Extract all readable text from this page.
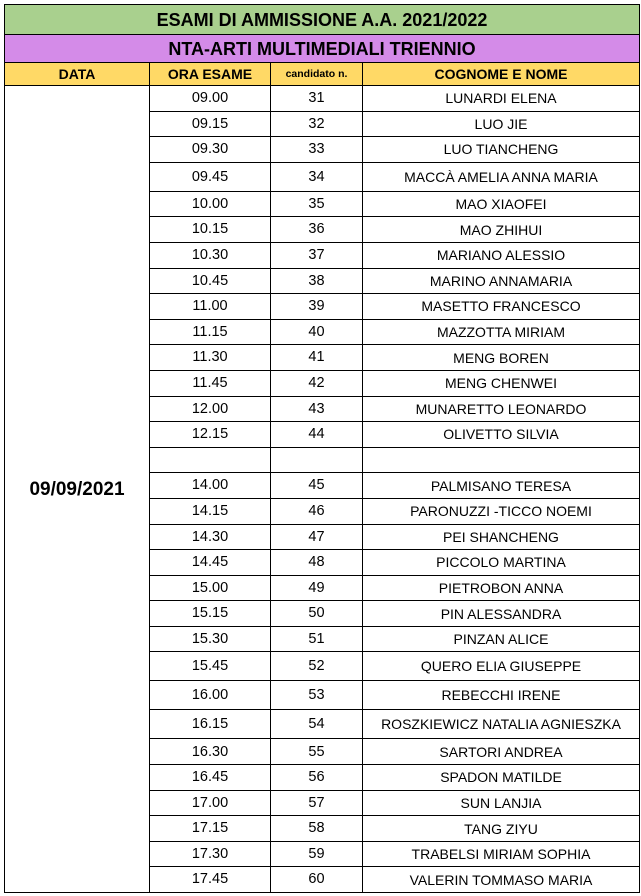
ESAMI DI AMMISSIONE A.A. 2021/2022			
NTA-ARTI MULTIMEDIALI TRIENNIO			
DATA	ORA ESAME	candidato n.	COGNOME E NOME
09/09/2021	09.00	31	LUNARDI ELENA
	09.15	32	LUO JIE
	09.30	33	LUO TIANCHENG
	09.45	34	MACCÀ AMELIA ANNA MARIA
	10.00	35	MAO XIAOFEI
	10.15	36	MAO ZHIHUI
	10.30	37	MARIANO ALESSIO
	10.45	38	MARINO ANNAMARIA
	11.00	39	MASETTO FRANCESCO
	11.15	40	MAZZOTTA MIRIAM
	11.30	41	MENG BOREN
	11.45	42	MENG CHENWEI
	12.00	43	MUNARETTO LEONARDO
	12.15	44	OLIVETTO SILVIA

	14.00	45	PALMISANO TERESA
	14.15	46	PARONUZZI -TICCO NOEMI
	14.30	47	PEI SHANCHENG
	14.45	48	PICCOLO MARTINA
	15.00	49	PIETROBON ANNA
	15.15	50	PIN ALESSANDRA
	15.30	51	PINZAN ALICE
	15.45	52	QUERO ELIA GIUSEPPE
	16.00	53	REBECCHI IRENE
	16.15	54	ROSZKIEWICZ NATALIA AGNIESZKA
	16.30	55	SARTORI ANDREA
	16.45	56	SPADON MATILDE
	17.00	57	SUN LANJIA
	17.15	58	TANG ZIYU
	17.30	59	TRABELSI MIRIAM SOPHIA
	17.45	60	VALERIN TOMMASO MARIA
